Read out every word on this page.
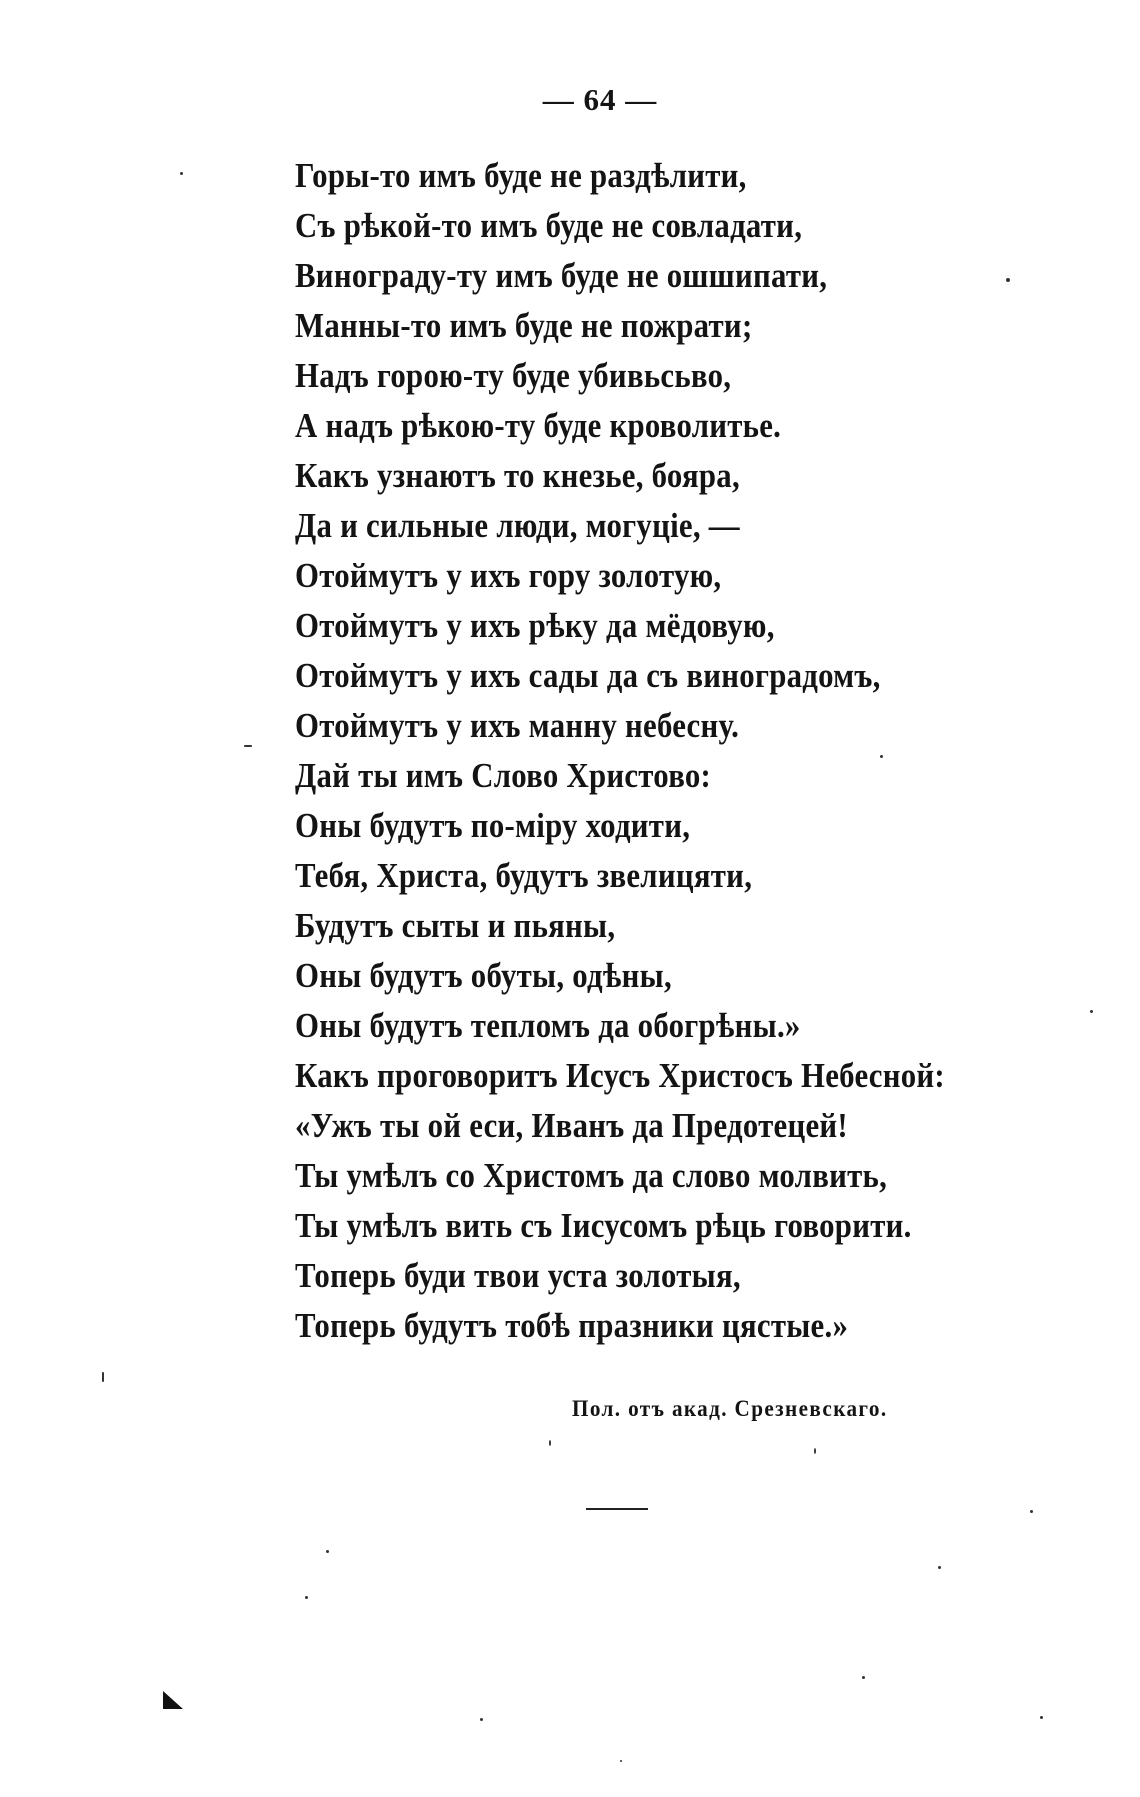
— 64 —
Горы-то имъ буде не раздѣлити,
Съ рѣкой-то имъ буде не совладати,
Винограду-ту имъ буде не ошшипати,
Манны-то имъ буде не пожрати;
Надъ горою-ту буде убивьсьво,
А надъ рѣкою-ту буде кроволитье.
Какъ узнаютъ то кнезье, бояра,
Да и сильные люди, могуціе, —
Отоймутъ у ихъ гору золотую,
Отоймутъ у ихъ рѣку да мёдовую,
Отоймутъ у ихъ сады да съ виноградомъ,
Отоймутъ у ихъ манну небесну.
Дай ты имъ Слово Христово:
Оны будутъ по-міру ходити,
Тебя, Христа, будутъ звелицяти,
Будутъ сыты и пьяны,
Оны будутъ обуты, одѣны,
Оны будутъ тепломъ да обогрѣны.»
Какъ проговоритъ Исусъ Христосъ Небесной:
«Ужъ ты ой еси, Иванъ да Предотецей!
Ты умѣлъ со Христомъ да слово молвить,
Ты умѣлъ вить съ Іисусомъ рѣць говорити.
Топерь буди твои уста золотыя,
Топерь будутъ тобѣ празники цястые.»
Пол. отъ акад. Срезневскаго.
